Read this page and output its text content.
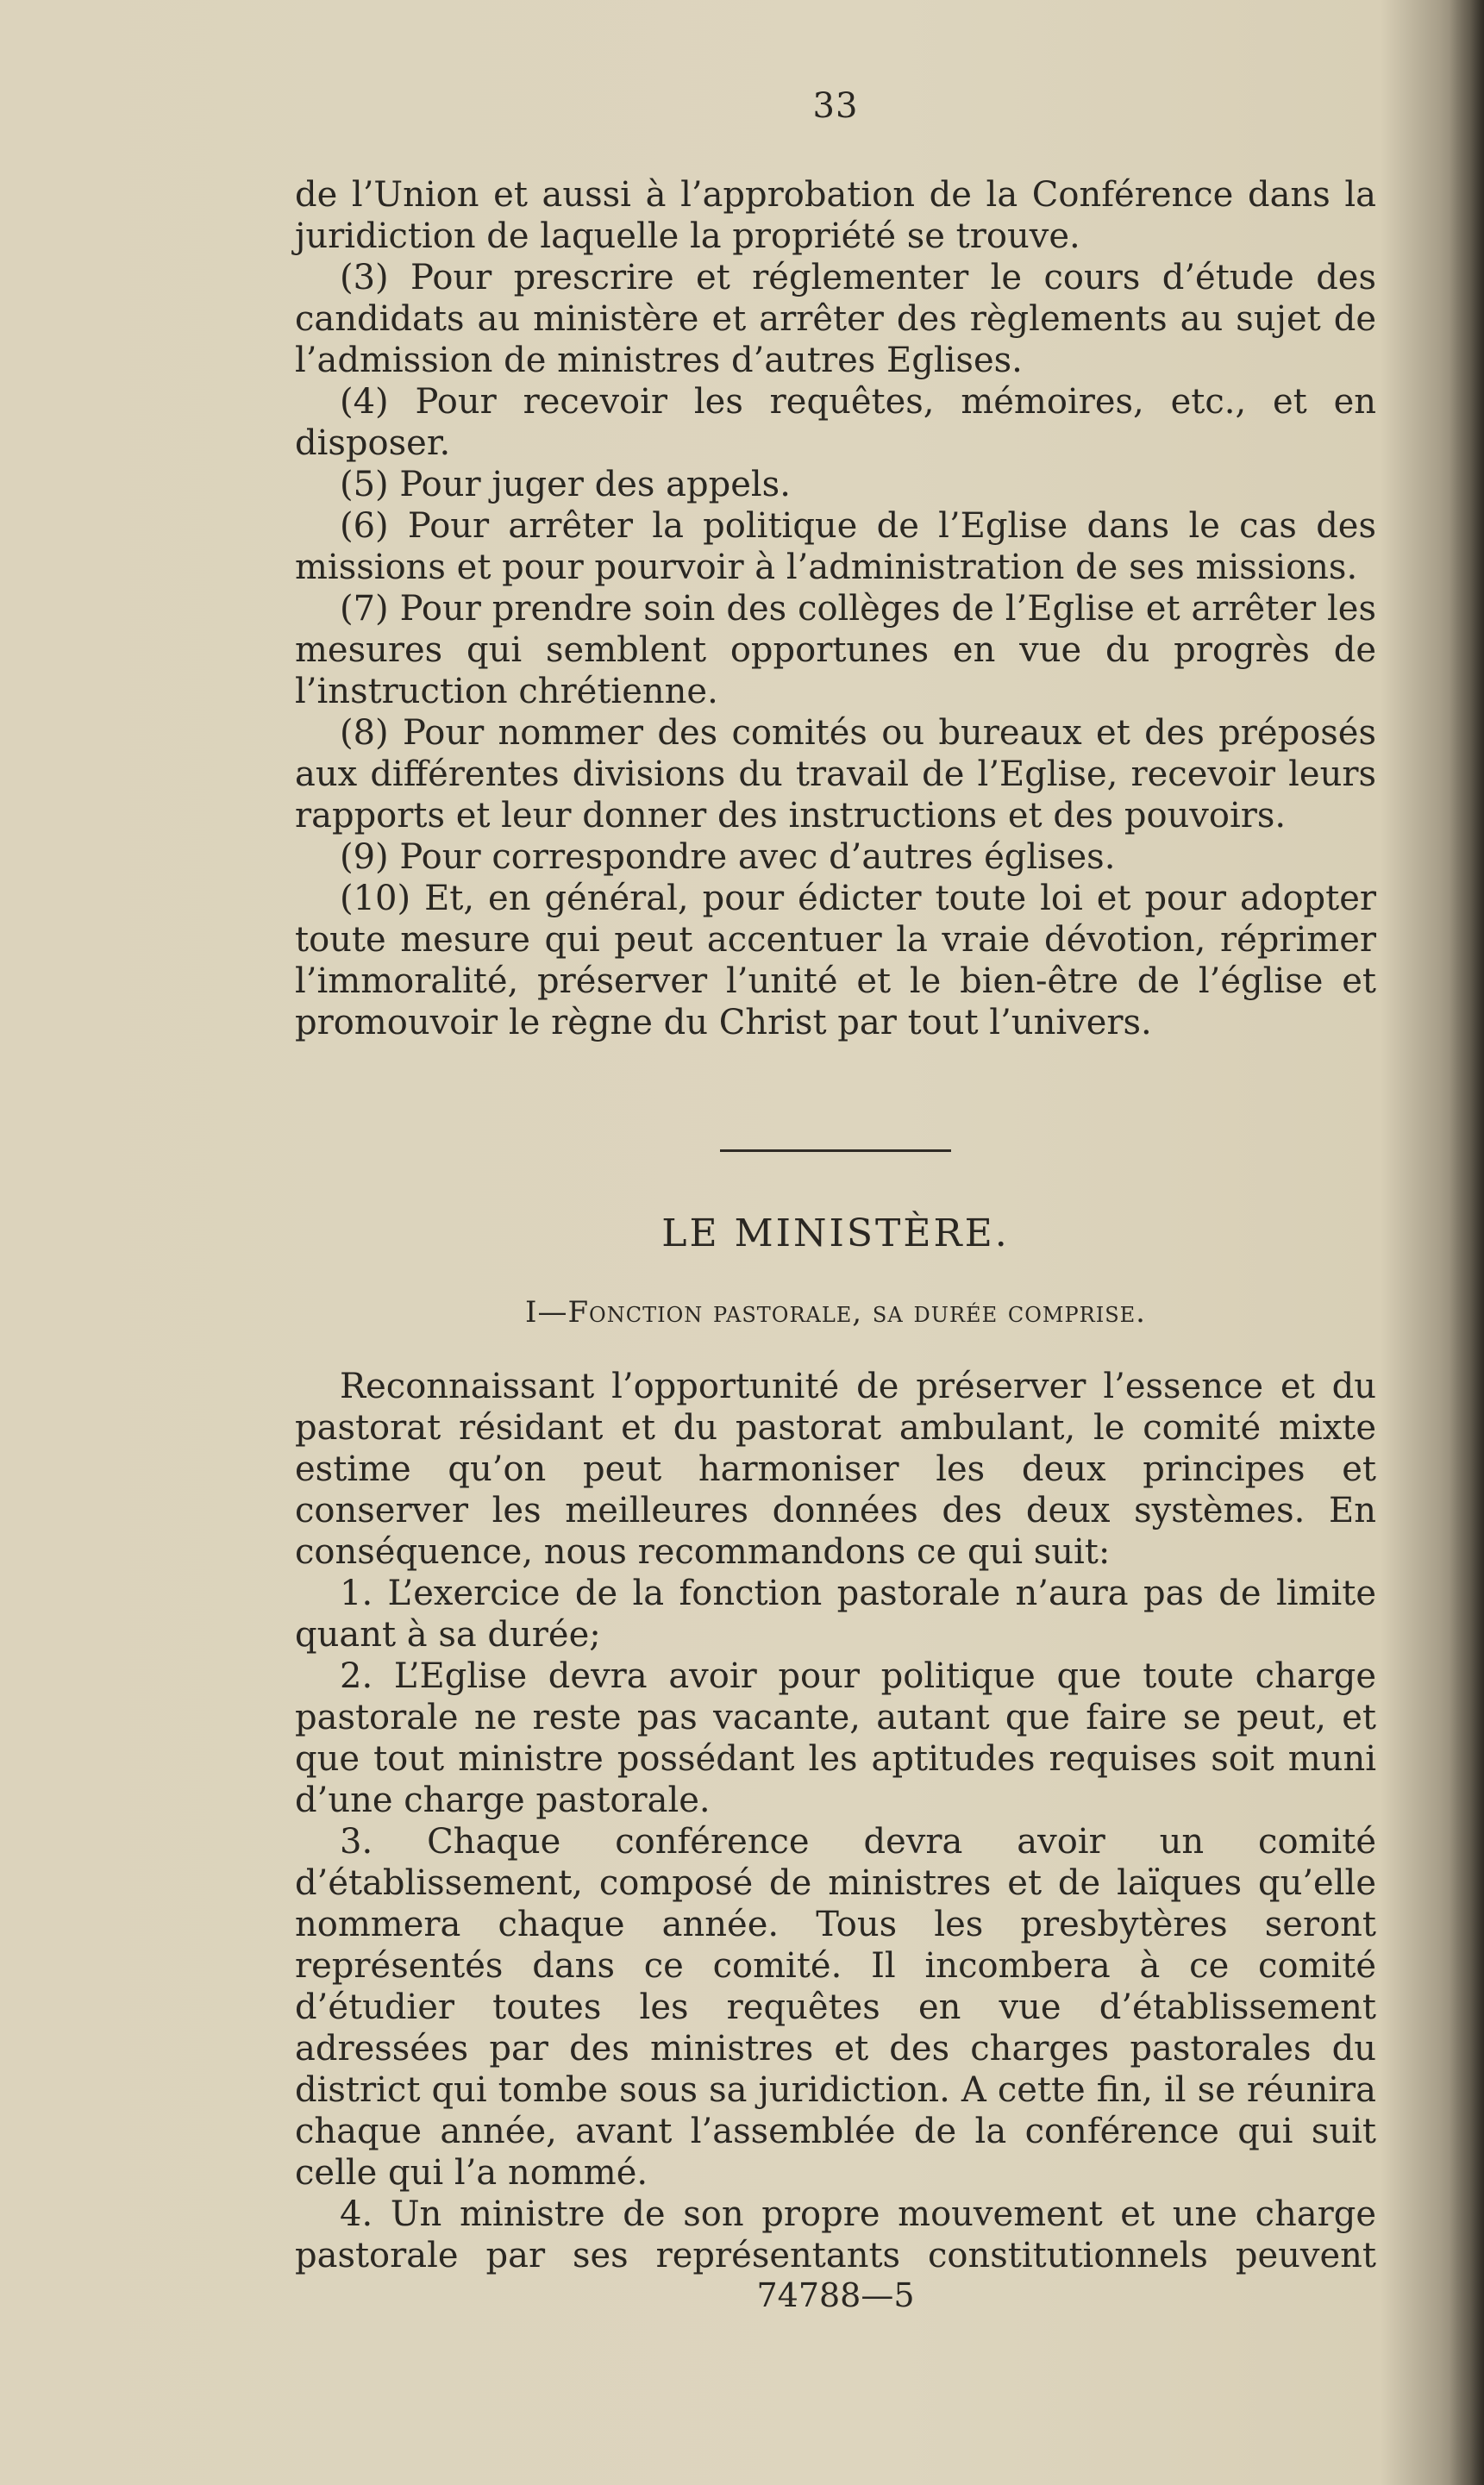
33

de l’Union et aussi à l’approbation de la Conférence dans la juridiction de laquelle la propriété se trouve.

(3) Pour prescrire et réglementer le cours d’étude des candidats au ministère et arrêter des règlements au sujet de l’admission de ministres d’autres Eglises.

(4) Pour recevoir les requêtes, mémoires, etc., et en disposer.

(5) Pour juger des appels.

(6) Pour arrêter la politique de l’Eglise dans le cas des missions et pour pourvoir à l’administration de ses missions.

(7) Pour prendre soin des collèges de l’Eglise et arrêter les mesures qui semblent opportunes en vue du progrès de l’instruction chrétienne.

(8) Pour nommer des comités ou bureaux et des préposés aux différentes divisions du travail de l’Eglise, recevoir leurs rapports et leur donner des instructions et des pouvoirs.

(9) Pour correspondre avec d’autres églises.

(10) Et, en général, pour édicter toute loi et pour adopter toute mesure qui peut accentuer la vraie dévotion, réprimer l’immoralité, préserver l’unité et le bien-être de l’église et promouvoir le règne du Christ par tout l’univers.

LE MINISTÈRE.
I—Fonction pastorale, sa durée comprise.

Reconnaissant l’opportunité de préserver l’essence et du pastorat résidant et du pastorat ambulant, le comité mixte estime qu’on peut harmoniser les deux principes et conserver les meilleures données des deux systèmes. En conséquence, nous recommandons ce qui suit:

1. L’exercice de la fonction pastorale n’aura pas de limite quant à sa durée;

2. L’Eglise devra avoir pour politique que toute charge pastorale ne reste pas vacante, autant que faire se peut, et que tout ministre possédant les aptitudes requises soit muni d’une charge pastorale.

3. Chaque conférence devra avoir un comité d’établissement, composé de ministres et de laïques qu’elle nommera chaque année. Tous les presbytères seront représentés dans ce comité. Il incombera à ce comité d’étudier toutes les requêtes en vue d’établissement adressées par des ministres et des charges pastorales du district qui tombe sous sa juridiction. A cette fin, il se réunira chaque année, avant l’assemblée de la conférence qui suit celle qui l’a nommé.

4. Un ministre de son propre mouvement et une charge pastorale par ses représentants constitutionnels peuvent

74788—5
